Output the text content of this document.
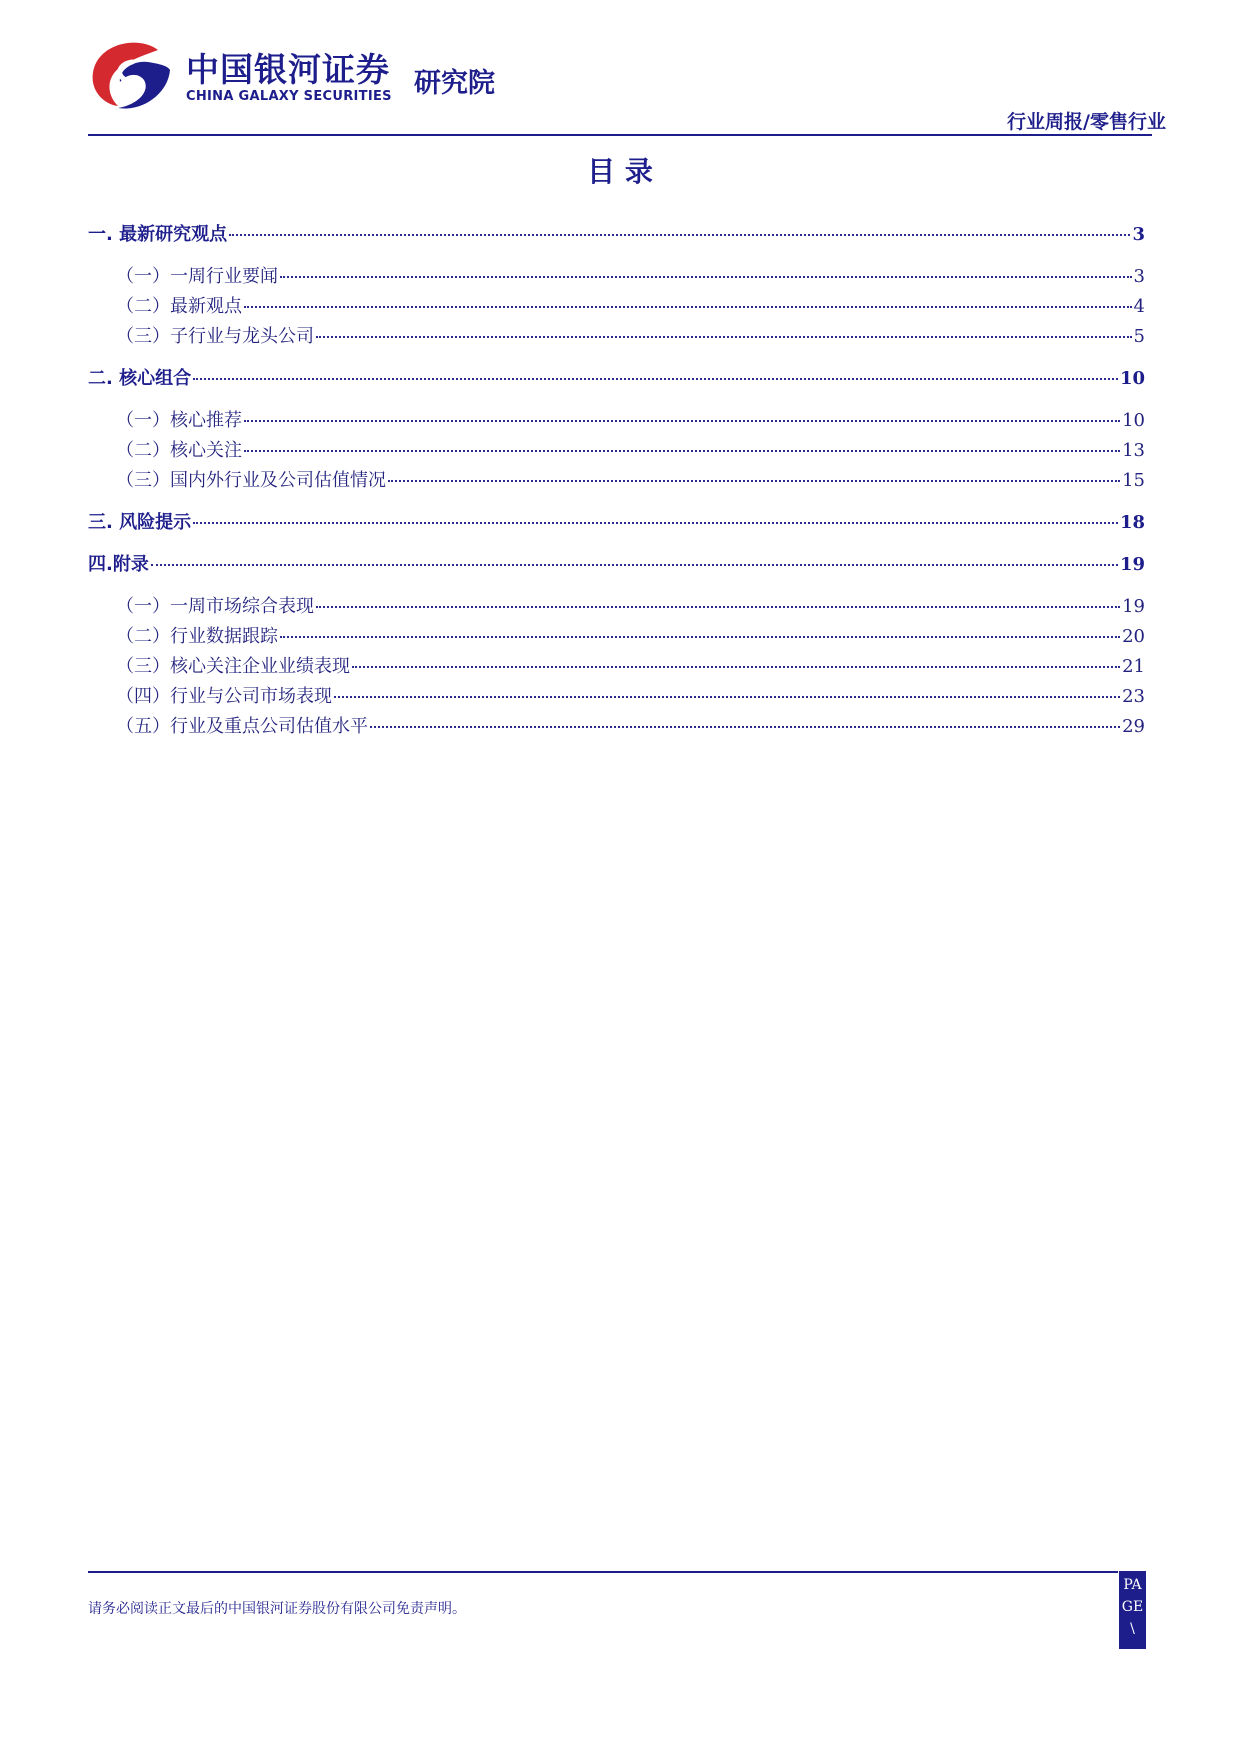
中国银河证券
CHINA GALAXY SECURITIES 研究院
行业周报/零售行业
目 录
一. 最新研究观点	3
（一）一周行业要闻	3
（二）最新观点	4
（三）子行业与龙头公司	5
二. 核心组合	10
（一）核心推荐	10
（二）核心关注	13
（三）国内外行业及公司估值情况	15
三. 风险提示	18
四.附录	19
（一）一周市场综合表现	19
（二）行业数据跟踪	20
（三）核心关注企业业绩表现	21
（四）行业与公司市场表现	23
（五）行业及重点公司估值水平	29
请务必阅读正文最后的中国银河证券股份有限公司免责声明。
PAGE \
